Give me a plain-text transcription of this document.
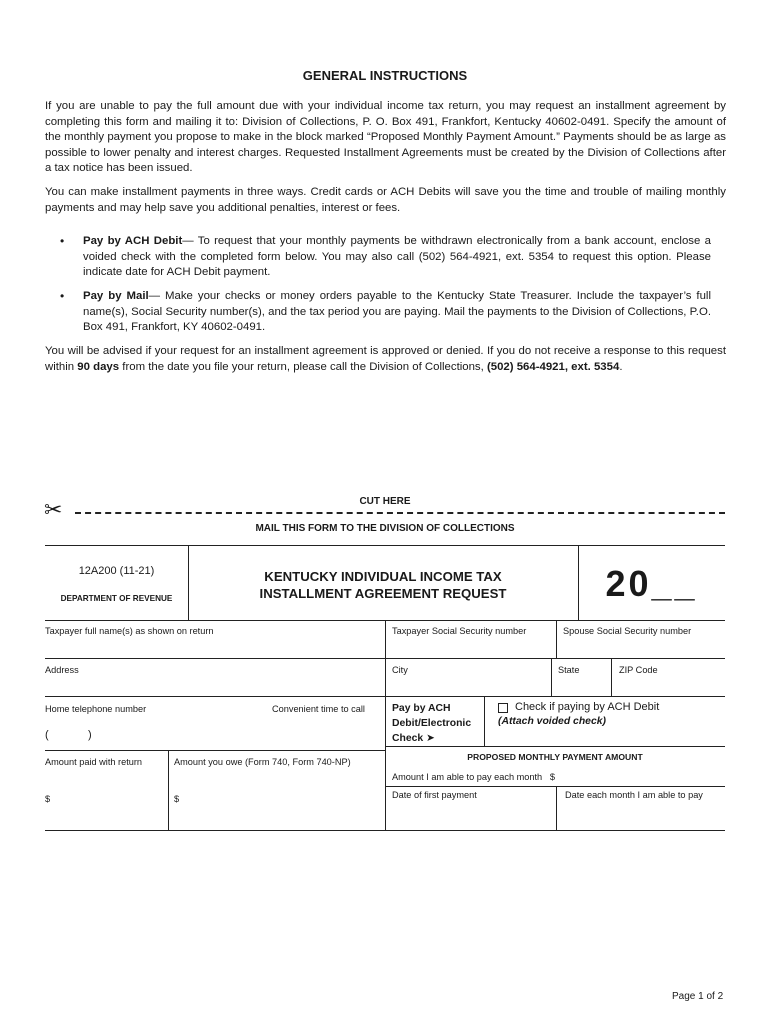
GENERAL INSTRUCTIONS
If you are unable to pay the full amount due with your individual income tax return, you may request an installment agreement by completing this form and mailing it to: Division of Collections, P. O. Box 491, Frankfort, Kentucky 40602-0491. Specify the amount of the monthly payment you propose to make in the block marked “Proposed Monthly Payment Amount.” Payments should be as large as possible to lower penalty and interest charges. Requested Installment Agreements must be created by the Division of Collections after a tax notice has been issued.
You can make installment payments in three ways. Credit cards or ACH Debits will save you the time and trouble of mailing monthly payments and may help save you additional penalties, interest or fees.
• Pay by ACH Debit— To request that your monthly payments be withdrawn electronically from a bank account, enclose a voided check with the completed form below. You may also call (502) 564-4921, ext. 5354 to request this option. Please indicate date for ACH Debit payment.
• Pay by Mail— Make your checks or money orders payable to the Kentucky State Treasurer. Include the taxpayer’s full name(s), Social Security number(s), and the tax period you are paying. Mail the payments to the Division of Collections, P.O. Box 491, Frankfort, KY 40602-0491.
You will be advised if your request for an installment agreement is approved or denied. If you do not receive a response to this request within 90 days from the date you file your return, please call the Division of Collections, (502) 564-4921, ext. 5354.
✂	CUT HERE
MAIL THIS FORM TO THE DIVISION OF COLLECTIONS
12A200 (11-21)
DEPARTMENT OF REVENUE
KENTUCKY INDIVIDUAL INCOME TAX
INSTALLMENT AGREEMENT REQUEST	20__
Taxpayer full name(s) as shown on return	Taxpayer Social Security number	Spouse Social Security number
Address	City	State	ZIP Code
Home telephone number	Convenient time to call
(	)
Pay by ACH
Debit/Electronic
Check ➤
Check if paying by ACH Debit
(Attach voided check)
Amount paid with return	Amount you owe (Form 740, Form 740-NP)
$	$
PROPOSED MONTHLY PAYMENT AMOUNT
Amount I am able to pay each month $
Date of first payment	Date each month I am able to pay
Page 1 of 2
